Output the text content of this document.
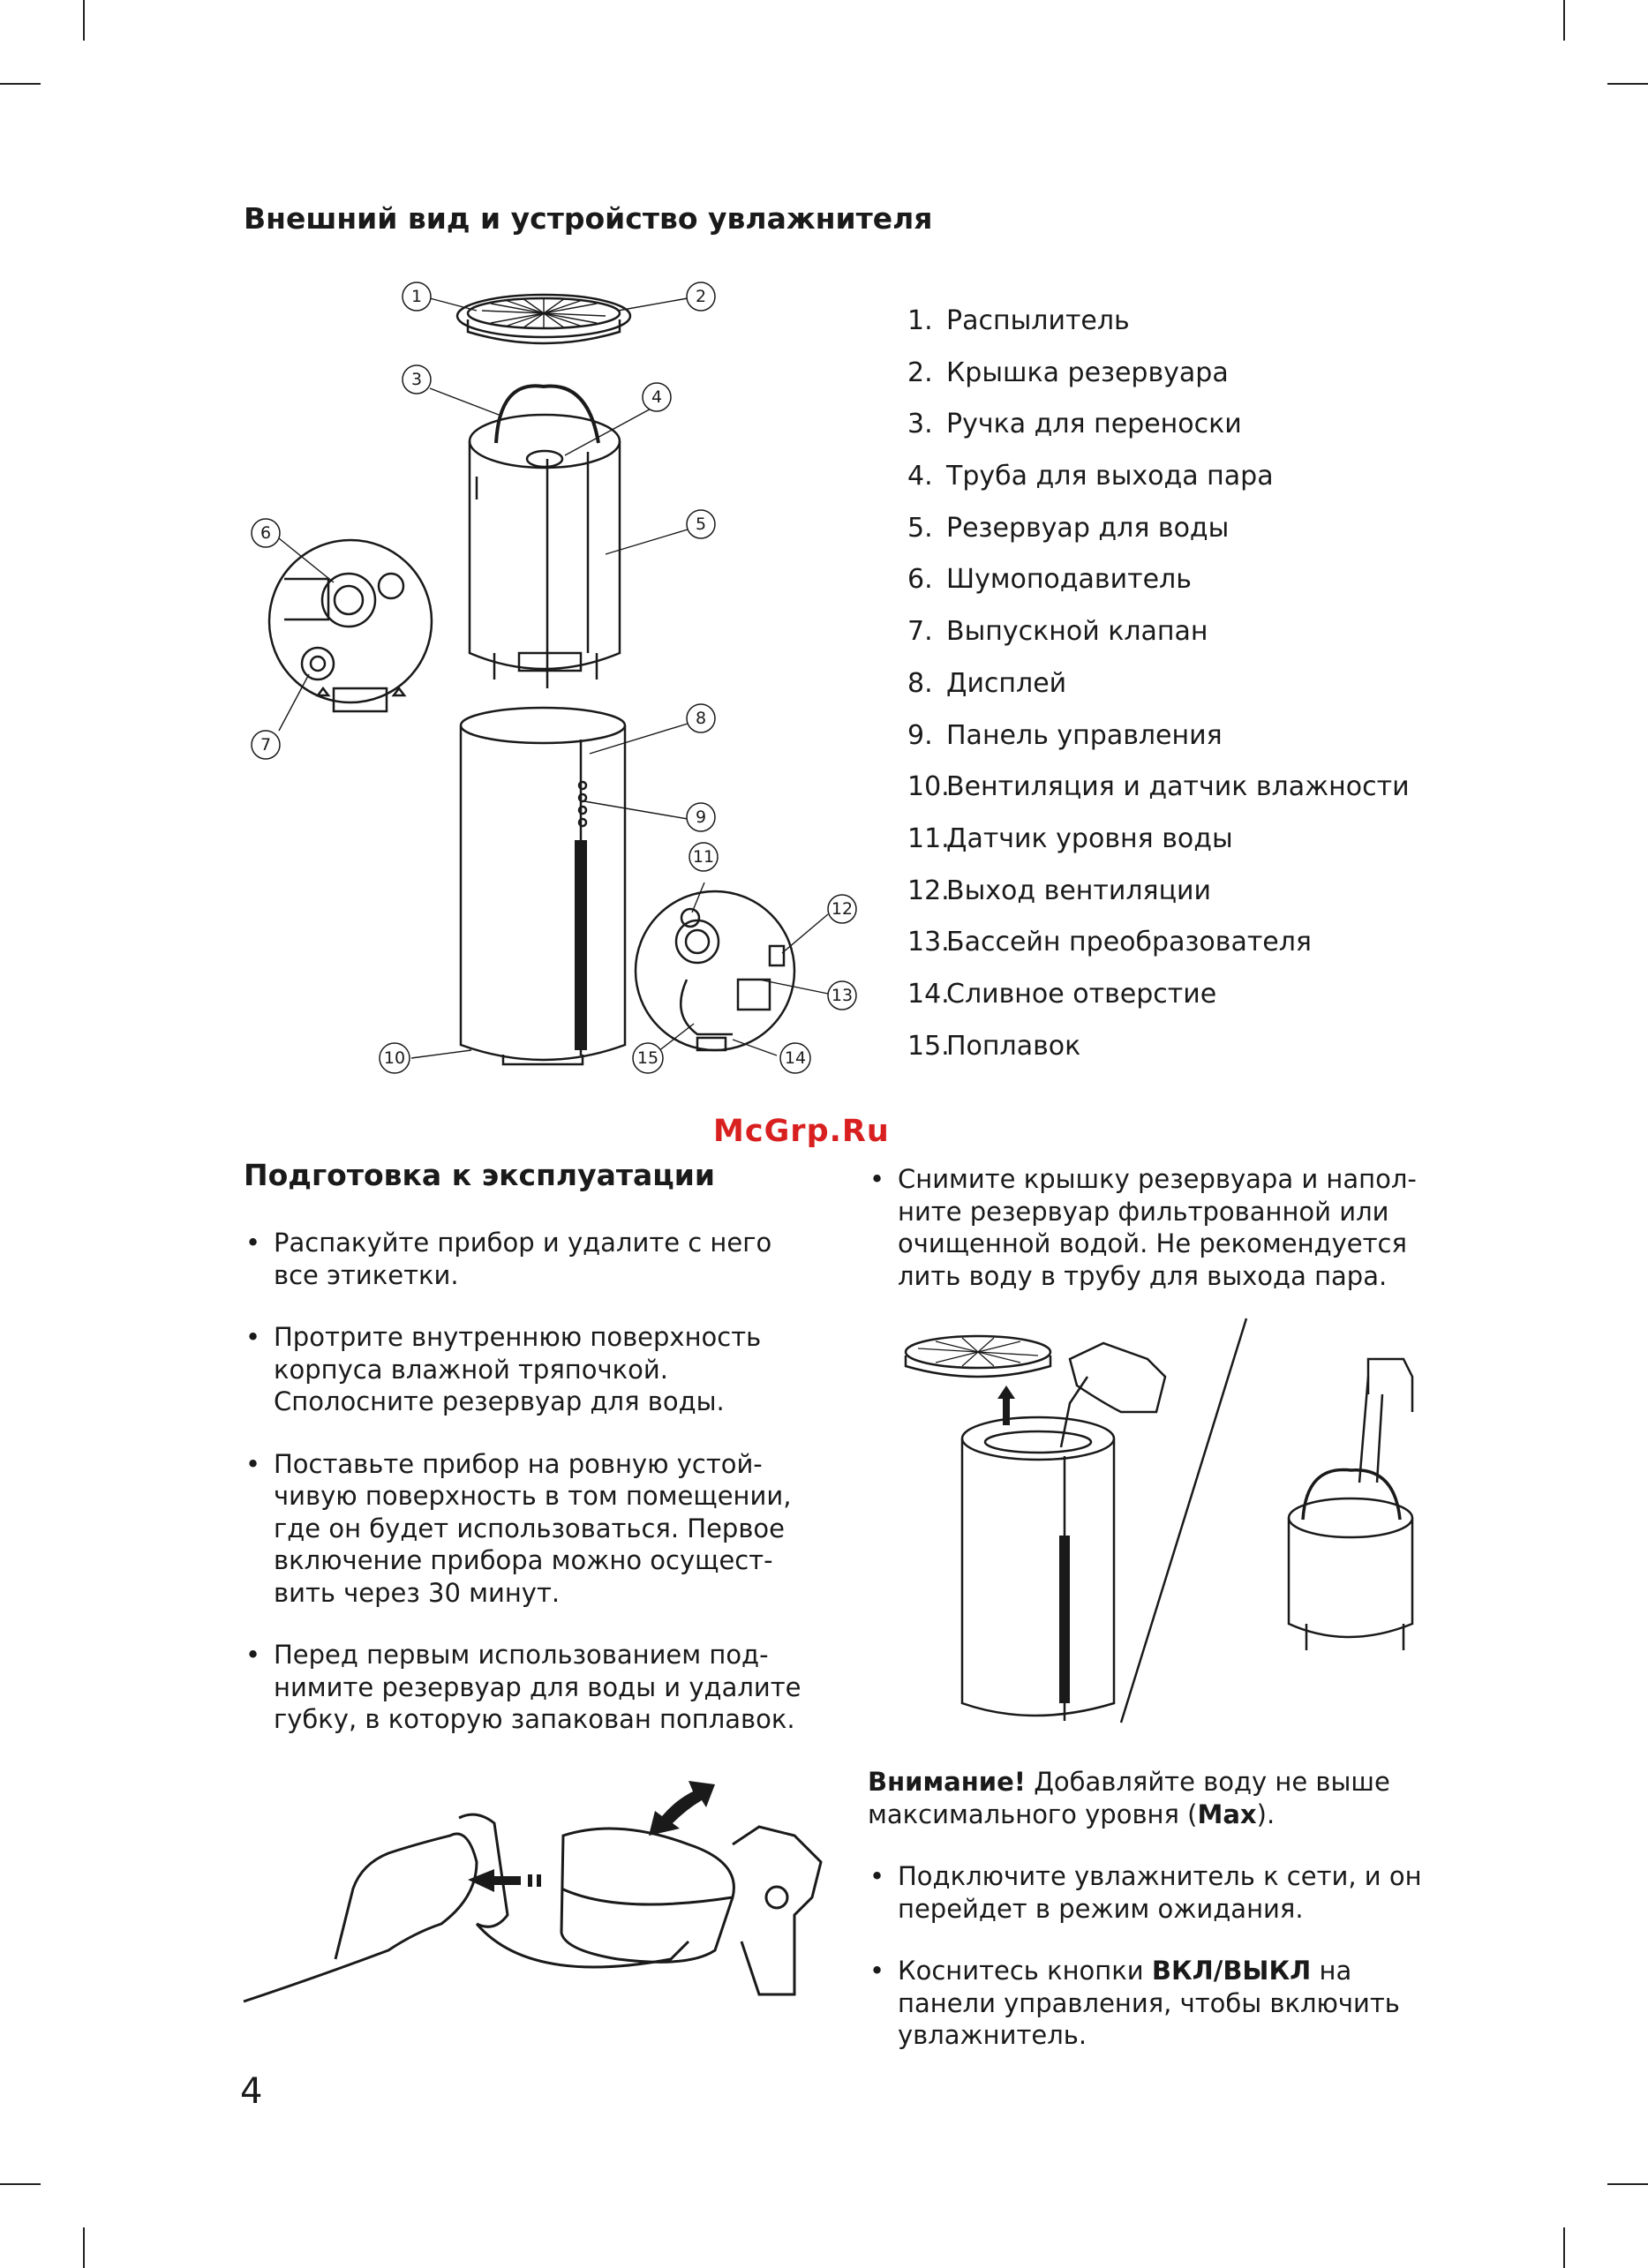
Внешний вид и устройство увлажнителя
1	2
3
4
5
6
7
8
9
11
12
13
10	15	14
1. Распылитель
2. Крышка резервуара
3. Ручка для переноски
4. Труба для выхода пара
5. Резервуар для воды
6. Шумоподавитель
7. Выпускной клапан
8. Дисплей
9. Панель управления
10.
Вентиляция и датчик влажности
11.
Датчик уровня воды
12.
Выход вентиляции
13.
Бассейн преобразователя
14.
Сливное отверстие
15.
Поплавок
McGrp.Ru
Подготовка к эксплуатации
• Распакуйте прибор и удалите с него
все этикетки.
• Протрите внутреннюю поверхность
корпуса влажной тряпочкой.
Сполосните резервуар для воды.
• Поставьте прибор на ровную устой-
чивую поверхность в том помещении,
где он будет использоваться. Первое
включение прибора можно осущест-
вить через 30 минут.
• Перед первым использованием под-
нимите резервуар для воды и удалите
губку, в которую запакован поплавок.
• Снимите крышку резервуара и напол-
ните резервуар фильтрованной или
очищенной водой. Не рекомендуется
лить воду в трубу для выхода пара.
Внимание! Добавляйте воду не выше
максимального уровня (Max).
• Подключите увлажнитель к сети, и он
перейдет в режим ожидания.
• Коснитесь кнопки ВКЛ/ВЫКЛ на
панели управления, чтобы включить
увлажнитель.
4
